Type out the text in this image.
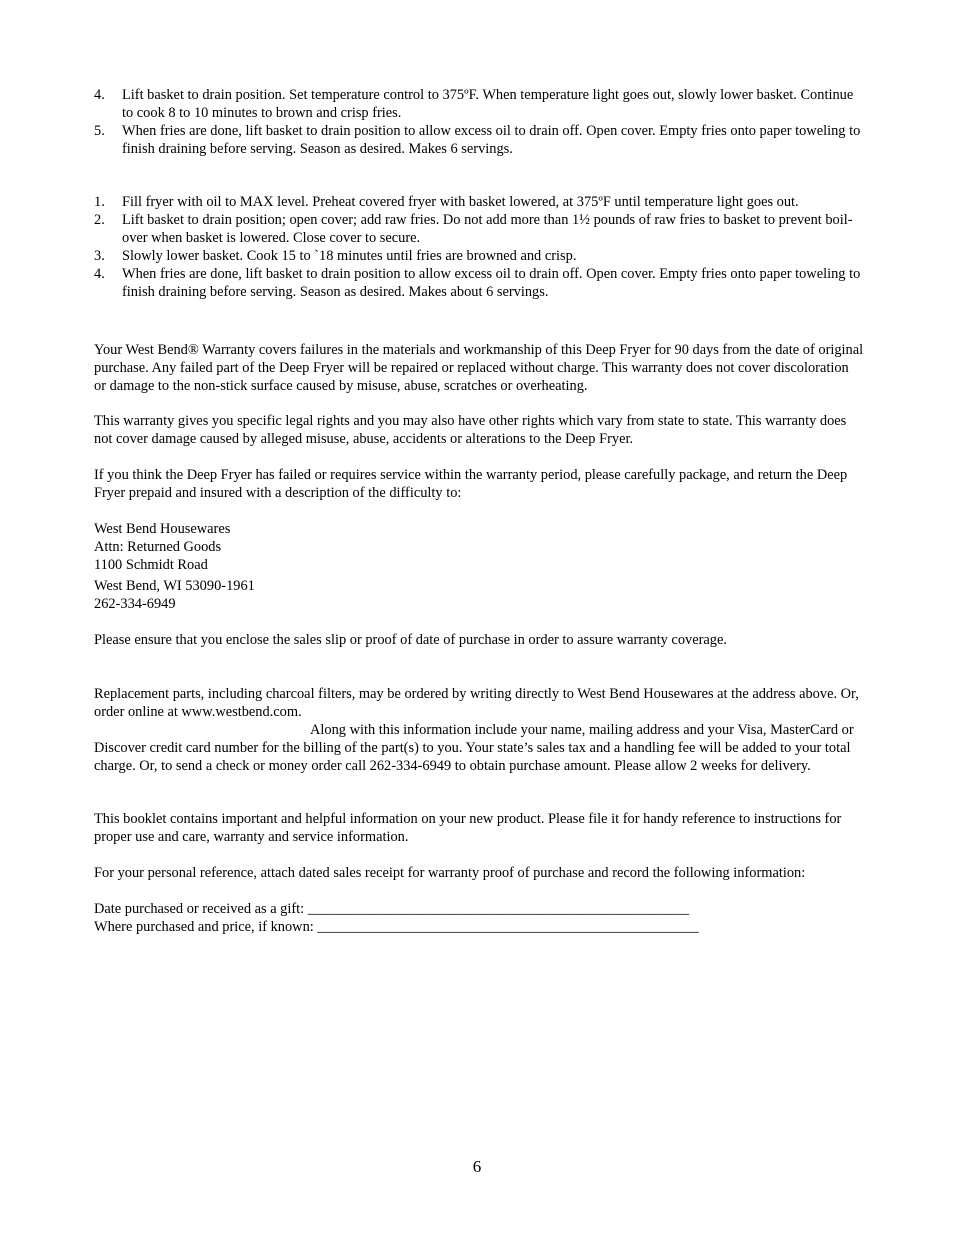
4. Lift basket to drain position. Set temperature control to 375ºF. When temperature light goes out, slowly lower basket. Continue to cook 8 to 10 minutes to brown and crisp fries.
5. When fries are done, lift basket to drain position to allow excess oil to drain off. Open cover. Empty fries onto paper toweling to finish draining before serving. Season as desired. Makes 6 servings.
1. Fill fryer with oil to MAX level. Preheat covered fryer with basket lowered, at 375ºF until temperature light goes out.
2. Lift basket to drain position; open cover; add raw fries. Do not add more than 1½ pounds of raw fries to basket to prevent boil-over when basket is lowered. Close cover to secure.
3. Slowly lower basket. Cook 15 to `18 minutes until fries are browned and crisp.
4. When fries are done, lift basket to drain position to allow excess oil to drain off. Open cover. Empty fries onto paper toweling to finish draining before serving. Season as desired. Makes about 6 servings.

Your West Bend® Warranty covers failures in the materials and workmanship of this Deep Fryer for 90 days from the date of original purchase. Any failed part of the Deep Fryer will be repaired or replaced without charge. This warranty does not cover discoloration or damage to the non-stick surface caused by misuse, abuse, scratches or overheating.

This warranty gives you specific legal rights and you may also have other rights which vary from state to state. This warranty does not cover damage caused by alleged misuse, abuse, accidents or alterations to the Deep Fryer.

If you think the Deep Fryer has failed or requires service within the warranty period, please carefully package, and return the Deep Fryer prepaid and insured with a description of the difficulty to:

West Bend Housewares
Attn: Returned Goods
1100 Schmidt Road
West Bend, WI 53090-1961
262-334-6949

Please ensure that you enclose the sales slip or proof of date of purchase in order to assure warranty coverage.

Replacement parts, including charcoal filters, may be ordered by writing directly to West Bend Housewares at the address above. Or, order online at www.westbend.com.

Along with this information include your name, mailing address and your Visa, MasterCard or Discover credit card number for the billing of the part(s) to you. Your state’s sales tax and a handling fee will be added to your total charge. Or, to send a check or money order call 262-334-6949 to obtain purchase amount. Please allow 2 weeks for delivery.

This booklet contains important and helpful information on your new product. Please file it for handy reference to instructions for proper use and care, warranty and service information.

For your personal reference, attach dated sales receipt for warranty proof of purchase and record the following information:

Date purchased or received as a gift: _____________________________________________________

Where purchased and price, if known: _____________________________________________________

6
